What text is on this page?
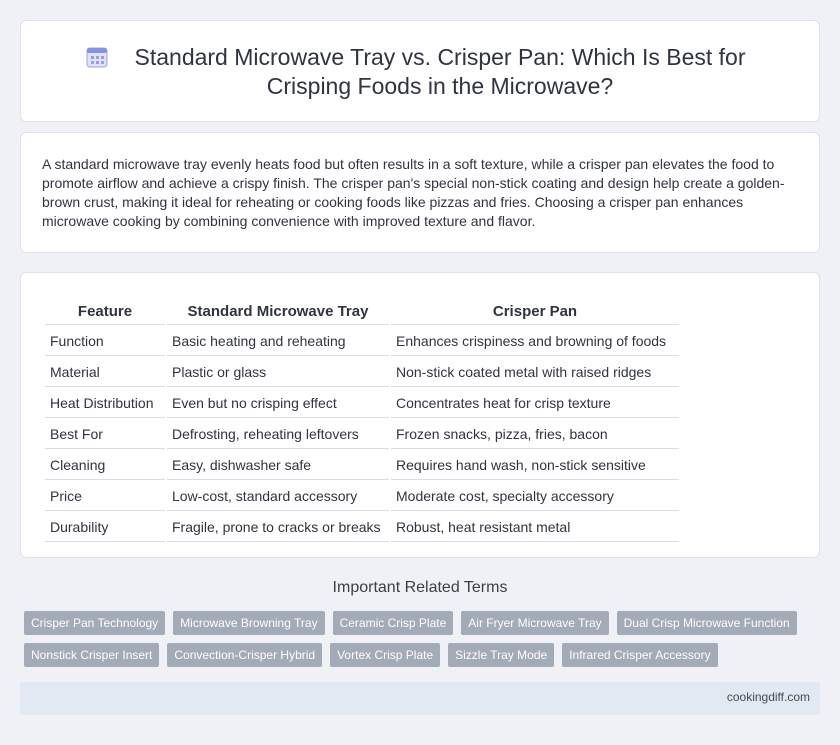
Standard Microwave Tray vs. Crisper Pan: Which Is Best for Crisping Foods in the Microwave?

A standard microwave tray evenly heats food but often results in a soft texture, while a crisper pan elevates the food to promote airflow and achieve a crispy finish. The crisper pan's special non-stick coating and design help create a golden-brown crust, making it ideal for reheating or cooking foods like pizzas and fries. Choosing a crisper pan enhances microwave cooking by combining convenience with improved texture and flavor.

Feature	Standard Microwave Tray	Crisper Pan
Function	Basic heating and reheating	Enhances crispiness and browning of foods
Material	Plastic or glass	Non-stick coated metal with raised ridges
Heat Distribution	Even but no crisping effect	Concentrates heat for crisp texture
Best For	Defrosting, reheating leftovers	Frozen snacks, pizza, fries, bacon
Cleaning	Easy, dishwasher safe	Requires hand wash, non-stick sensitive
Price	Low-cost, standard accessory	Moderate cost, specialty accessory
Durability	Fragile, prone to cracks or breaks	Robust, heat resistant metal
Important Related Terms
Crisper Pan Technology	Microwave Browning Tray	Ceramic Crisp Plate	Air Fryer Microwave Tray	Dual Crisp Microwave Function
Nonstick Crisper Insert	Convection-Crisper Hybrid	Vortex Crisp Plate	Sizzle Tray Mode	Infrared Crisper Accessory
cookingdiff.com
